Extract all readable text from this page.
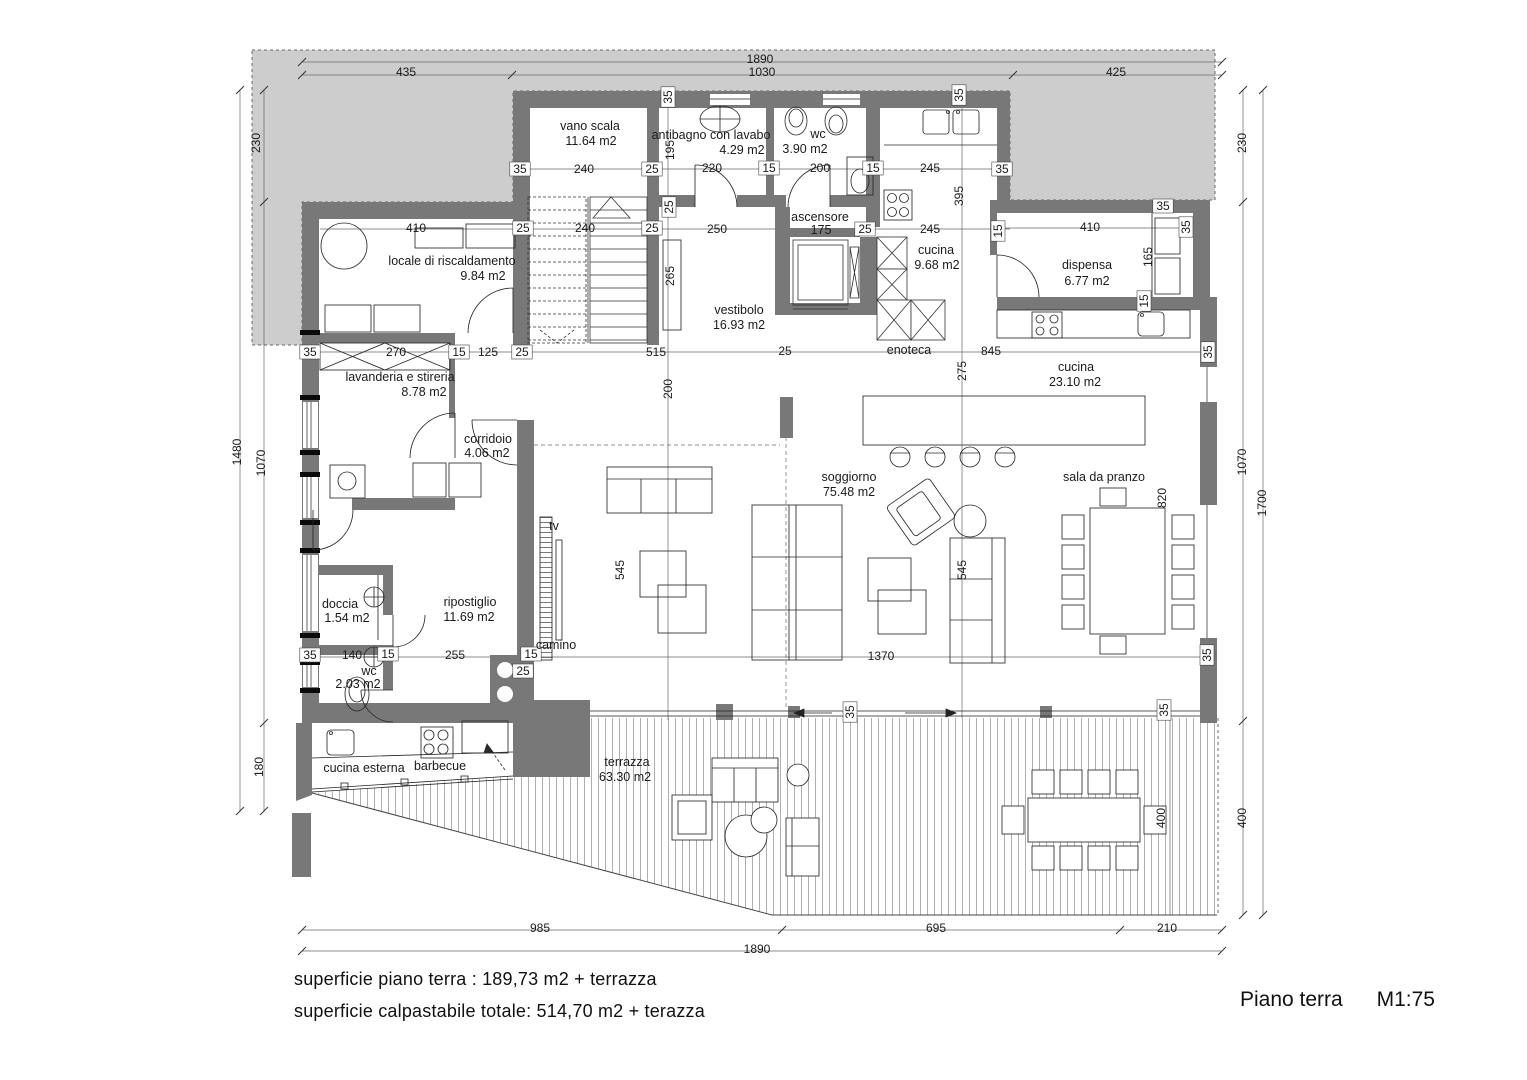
1890
435	1030	425
230
1480 1070
180
230
1070
1700
400
985	695	210
1890
35	240	25	220	15	200	15	245	35
35
195
35
395
410	25	240	25	250	25	245	15	410
35
265
25
165
15
35
35	270	15 125 25	515	25	845	35
200
275
545	545
820
1370
35 140 15	255	15
25
35
35	35
400
vano scala
11.64 m2	antibagno con lavabo
4.29 m2
wc
3.90 m2
ascensore
175
cucina
9.68 m2	dispensa
6.77 m2
enoteca
locale di riscaldamento
9.84 m2
lavanderia e stireria
8.78 m2
corridoio
4.06 m2
vestibolo
16.93 m2
doccia
1.54 m2
ripostiglio
11.69 m2
wc
2.03 m2
camino
tv
cucina esterna barbecue
cucina
23.10 m2
soggiorno
75.48 m2
sala da pranzo
terrazza
63.30 m2
superficie piano terra : 189,73 m2 + terrazza
superficie calpastabile totale: 514,70 m2 + terazza	Piano terra M1:75
